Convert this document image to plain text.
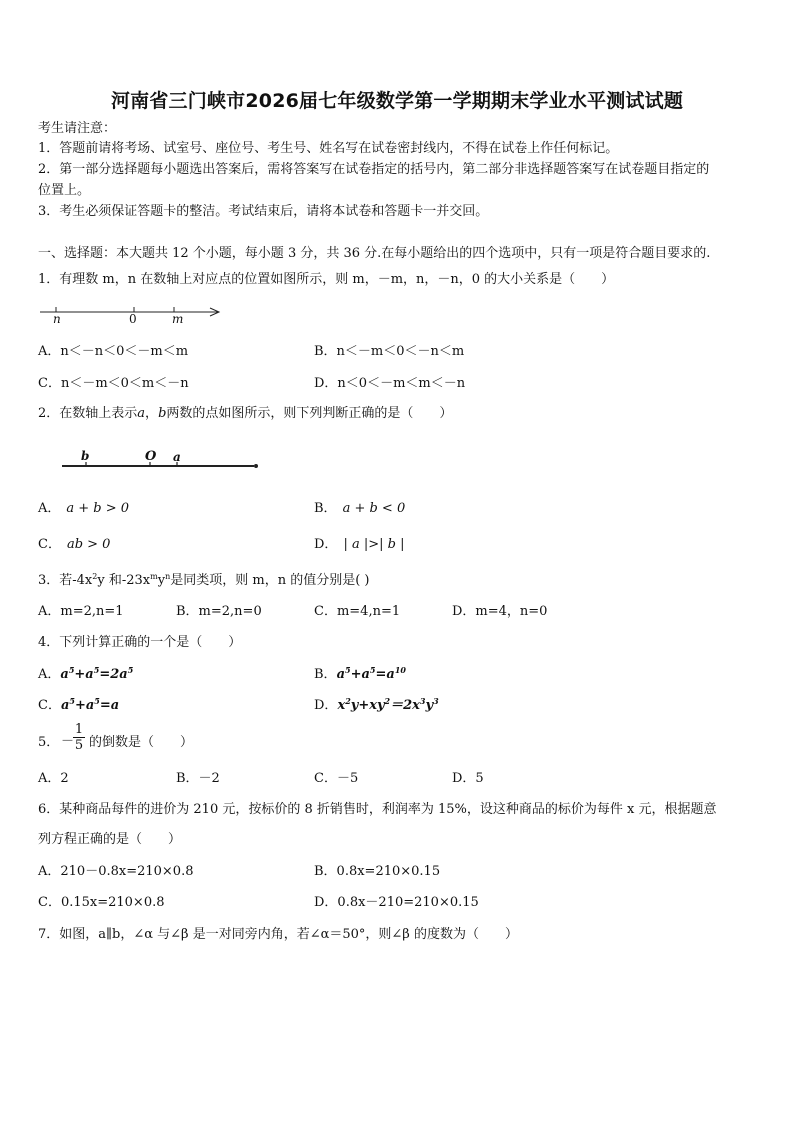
河南省三门峡市2026届七年级数学第一学期期末学业水平测试试题
考生请注意：
1．答题前请将考场、试室号、座位号、考生号、姓名写在试卷密封线内，不得在试卷上作任何标记。
2．第一部分选择题每小题选出答案后，需将答案写在试卷指定的括号内，第二部分非选择题答案写在试卷题目指定的
位置上。
3．考生必须保证答题卡的整洁。考试结束后，请将本试卷和答题卡一并交回。
一、选择题：本大题共 12 个小题，每小题 3 分，共 36 分.在每小题给出的四个选项中，只有一项是符合题目要求的.
1．有理数 m，n 在数轴上对应点的位置如图所示，则 m，－m，n，－n，0 的大小关系是（　　）
n	0	m
A．n＜－n＜0＜－m＜m	B．n＜－m＜0＜－n＜m
C．n＜－m＜0＜m＜－n	D．n＜0＜－m＜m＜－n
2．在数轴上表示a，b两数的点如图所示，则下列判断正确的是（　　）
b	O a
A． a + b > 0	B． a + b < 0
C． ab > 0	D． | a |>| b |
3．若$-4x^2y$ 和$-23x^my^n$是同类项，则 m，n 的值分别是( )
A．m=2,n=1	B．m=2,n=0	C．m=4,n=1	D．m=4，n=0
4．下列计算正确的一个是（　　）
A．$a^5+a^5=2a^5$	B．$a^5+a^5=a^{10}$
C．$a^5+a^5=a$	D．$x^2y+xy^2=2x^3y^3$
5． －
$\frac{1}{5}$ 的倒数是（　　）
A．2	B．－2	C．－5	D．5
6．某种商品每件的进价为 210 元，按标价的 8 折销售时，利润率为 15%，设这种商品的标价为每件 x 元，根据题意
列方程正确的是（　　）
A．210－0.8x=210×0.8	B．0.8x=210×0.15
C．0.15x=210×0.8	D．0.8x－210=210×0.15
7．如图，a∥b，∠α 与∠β 是一对同旁内角，若∠α＝50°，则∠β 的度数为（　　）
